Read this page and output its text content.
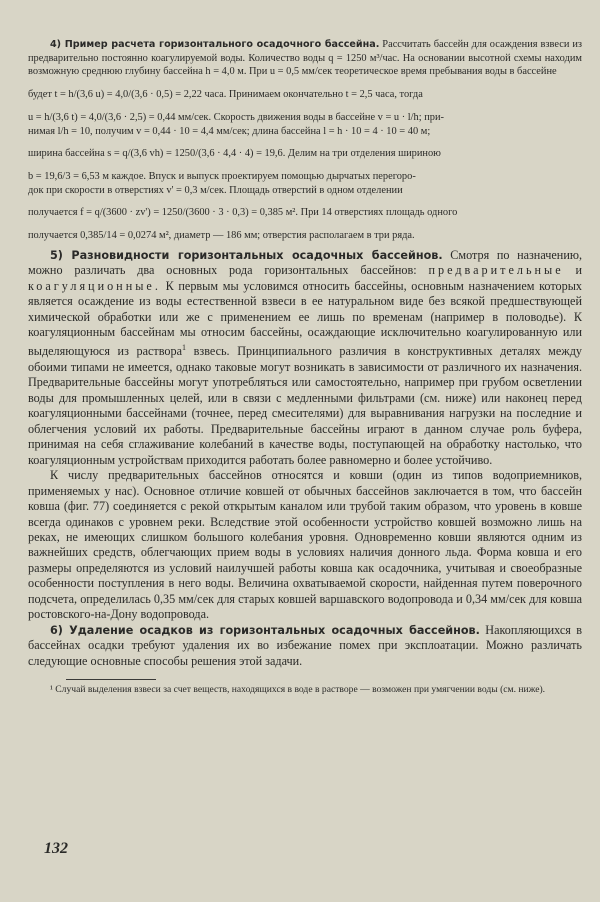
4) Пример расчета горизонтального осадочного бассейна. Рассчитать бассейн для осаждения взвеси из предварительно постоянно коагулируемой воды. Количество воды q = 1250 м³/час. На основании высотной схемы находим возможную среднюю глубину бассейна h = 4,0 м. При u = 0,5 мм/сек теоретическое время пребывания воды в бассейне

будет t = h/(3,6 u) = 4,0/(3,6 · 0,5) = 2,22 часа. Принимаем окончательно t = 2,5 часа, тогда

u = h/(3,6 t) = 4,0/(3,6 · 2,5) = 0,44 мм/сек. Скорость движения воды в бассейне v = u · l/h; при-

нимая l/h = 10, получим v = 0,44 · 10 = 4,4 мм/сек; длина бассейна l = h · 10 = 4 · 10 = 40 м;

ширина бассейна s = q/(3,6 vh) = 1250/(3,6 · 4,4 · 4) = 19,6. Делим на три отделения шириною

b = 19,6/3 = 6,53 м каждое. Впуск и выпуск проектируем помощью дырчатых перегоро-

док при скорости в отверстиях v' = 0,3 м/сек. Площадь отверстий в одном отделении

получается f = q/(3600 · zv') = 1250/(3600 · 3 · 0,3) = 0,385 м². При 14 отверстиях площадь одного

получается 0,385/14 = 0,0274 м², диаметр — 186 мм; отверстия располагаем в три ряда.

5) Разновидности горизонтальных осадочных бассейнов. Смотря по назначению, можно различать два основных рода горизонтальных бассейнов: предварительные и коагуляционные. К первым мы условимся относить бассейны, основным назначением которых является осаждение из воды естественной взвеси в ее натуральном виде без всякой предшествующей химической обработки или же с применением ее лишь по временам (например в половодье). К коагуляционным бассейнам мы относим бассейны, осаждающие исключительно коагулированную или выделяющуюся из раствора$^1$ взвесь. Принципиального различия в конструктивных деталях между обоими типами не имеется, однако таковые могут возникать в зависимости от различного их назначения. Предварительные бассейны могут употребляться или самостоятельно, например при грубом осветлении воды для промышленных целей, или в связи с медленными фильтрами (см. ниже) или наконец перед коагуляционными бассейнами (точнее, перед смесителями) для выравнивания нагрузки на последние и облегчения условий их работы. Предварительные бассейны играют в данном случае роль буфера, принимая на себя сглаживание колебаний в качестве воды, поступающей на обработку настолько, что коагуляционным устройствам приходится работать более равномерно и более устойчиво.

К числу предварительных бассейнов относятся и ковши (один из типов водоприемников, применяемых у нас). Основное отличие ковшей от обычных бассейнов заключается в том, что бассейн ковша (фиг. 77) соединяется с рекой открытым каналом или трубой таким образом, что уровень в ковше всегда одинаков с уровнем реки. Вследствие этой особенности устройство ковшей возможно лишь на реках, не имеющих слишком большого колебания уровня. Одновременно ковши являются одним из важнейших средств, облегчающих прием воды в условиях наличия донного льда. Форма ковша и его размеры определяются из условий наилучшей работы ковша как осадочника, учитывая и своеобразные особенности поступления в него воды. Величина охватываемой скорости, найденная путем поверочного подсчета, определилась 0,35 мм/сек для старых ковшей варшавского водопровода и 0,34 мм/сек для ковша ростовского-на-Дону водопровода.

6) Удаление осадков из горизонтальных осадочных бассейнов. Накопляющихся в бассейнах осадки требуют удаления их во избежание помех при эксплоатации. Можно различать следующие основные способы решения этой задачи.

¹ Случай выделения взвеси за счет веществ, находящихся в воде в растворе — возможен при умягчении воды (см. ниже).

132
